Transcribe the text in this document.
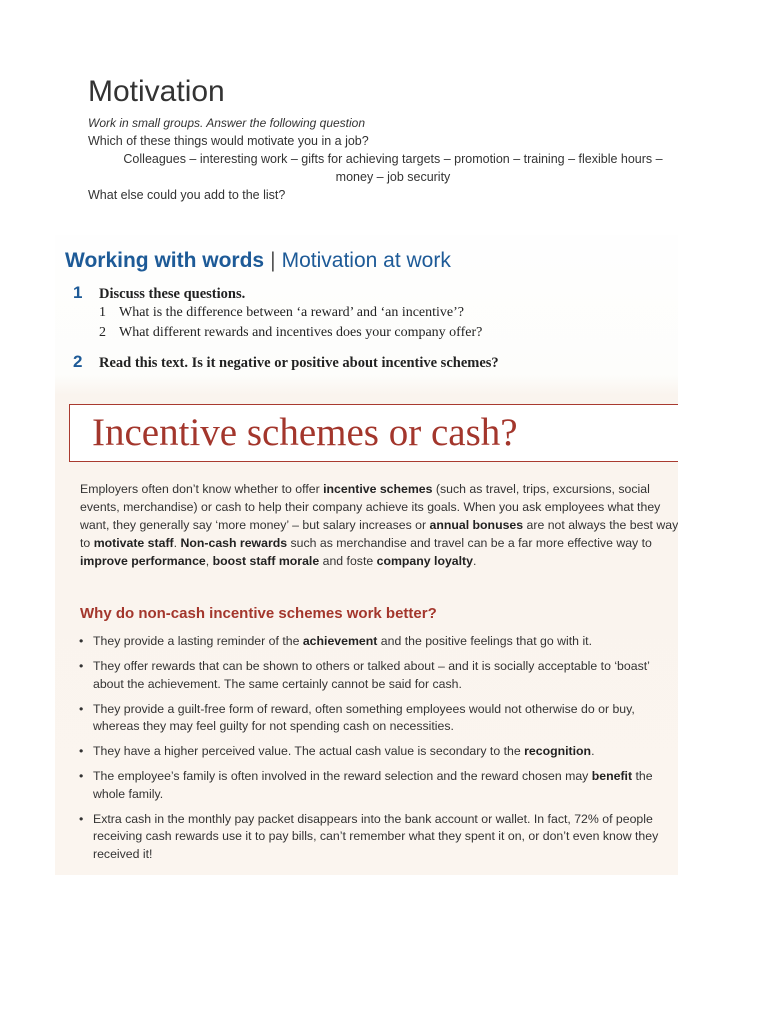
Motivation
Work in small groups. Answer the following question
Which of these things would motivate you in a job?
Colleagues – interesting work – gifts for achieving targets – promotion – training – flexible hours –
money – job security
What else could you add to the list?
Working with words | Motivation at work
1 Discuss these questions.
1 What is the difference between ‘a reward’ and ‘an incentive’?
2 What different rewards and incentives does your company offer?
2 Read this text. Is it negative or positive about incentive schemes?
Incentive schemes or cash?
Employers often don’t know whether to offer incentive schemes (such as travel, trips, excursions, social events, merchandise) or cash to help their company achieve its goals. When you ask employees what they want, they generally say ‘more money’ – but salary increases or annual bonuses are not always the best way to motivate staff. Non-cash rewards such as merchandise and travel can be a far more effective way to improve performance, boost staff morale and foste company loyalty.
Why do non-cash incentive schemes work better?
• They provide a lasting reminder of the achievement and the positive feelings that go with it.
• They offer rewards that can be shown to others or talked about – and it is socially acceptable to ‘boast’ about the achievement. The same certainly cannot be said for cash.
• They provide a guilt-free form of reward, often something employees would not otherwise do or buy, whereas they may feel guilty for not spending cash on necessities.
• They have a higher perceived value. The actual cash value is secondary to the recognition.
• The employee’s family is often involved in the reward selection and the reward chosen may benefit the whole family.
• Extra cash in the monthly pay packet disappears into the bank account or wallet. In fact, 72% of people receiving cash rewards use it to pay bills, can’t remember what they spent it on, or don’t even know they received it!
